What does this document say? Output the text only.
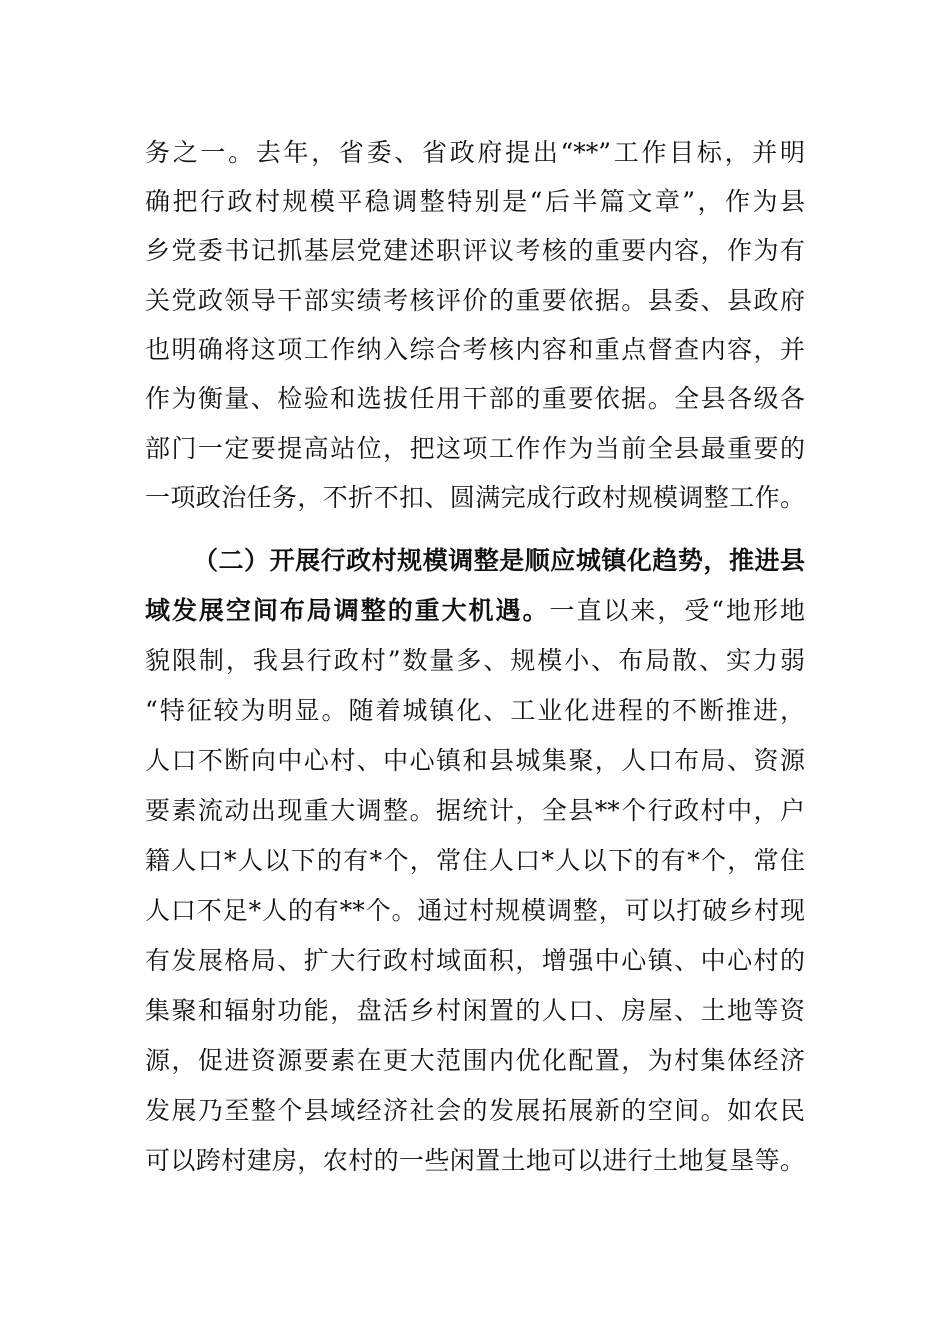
务之一。去年，省委、省政府提出“**”工作目标，并明
确把行政村规模平稳调整特别是“后半篇文章”，作为县
乡党委书记抓基层党建述职评议考核的重要内容，作为有
关党政领导干部实绩考核评价的重要依据。县委、县政府
也明确将这项工作纳入综合考核内容和重点督查内容，并
作为衡量、检验和选拔任用干部的重要依据。全县各级各
部门一定要提高站位，把这项工作作为当前全县最重要的
一项政治任务，不折不扣、圆满完成行政村规模调整工作。
（二）开展行政村规模调整是顺应城镇化趋势，推进县
域发展空间布局调整的重大机遇。一直以来，受“地形地
貌限制，我县行政村”数量多、规模小、布局散、实力弱
“特征较为明显。随着城镇化、工业化进程的不断推进，
人口不断向中心村、中心镇和县城集聚，人口布局、资源
要素流动出现重大调整。据统计，全县**个行政村中，户
籍人口*人以下的有*个，常住人口*人以下的有*个，常住
人口不足*人的有**个。通过村规模调整，可以打破乡村现
有发展格局、扩大行政村域面积，增强中心镇、中心村的
集聚和辐射功能，盘活乡村闲置的人口、房屋、土地等资
源，促进资源要素在更大范围内优化配置，为村集体经济
发展乃至整个县域经济社会的发展拓展新的空间。如农民
可以跨村建房，农村的一些闲置土地可以进行土地复垦等。
